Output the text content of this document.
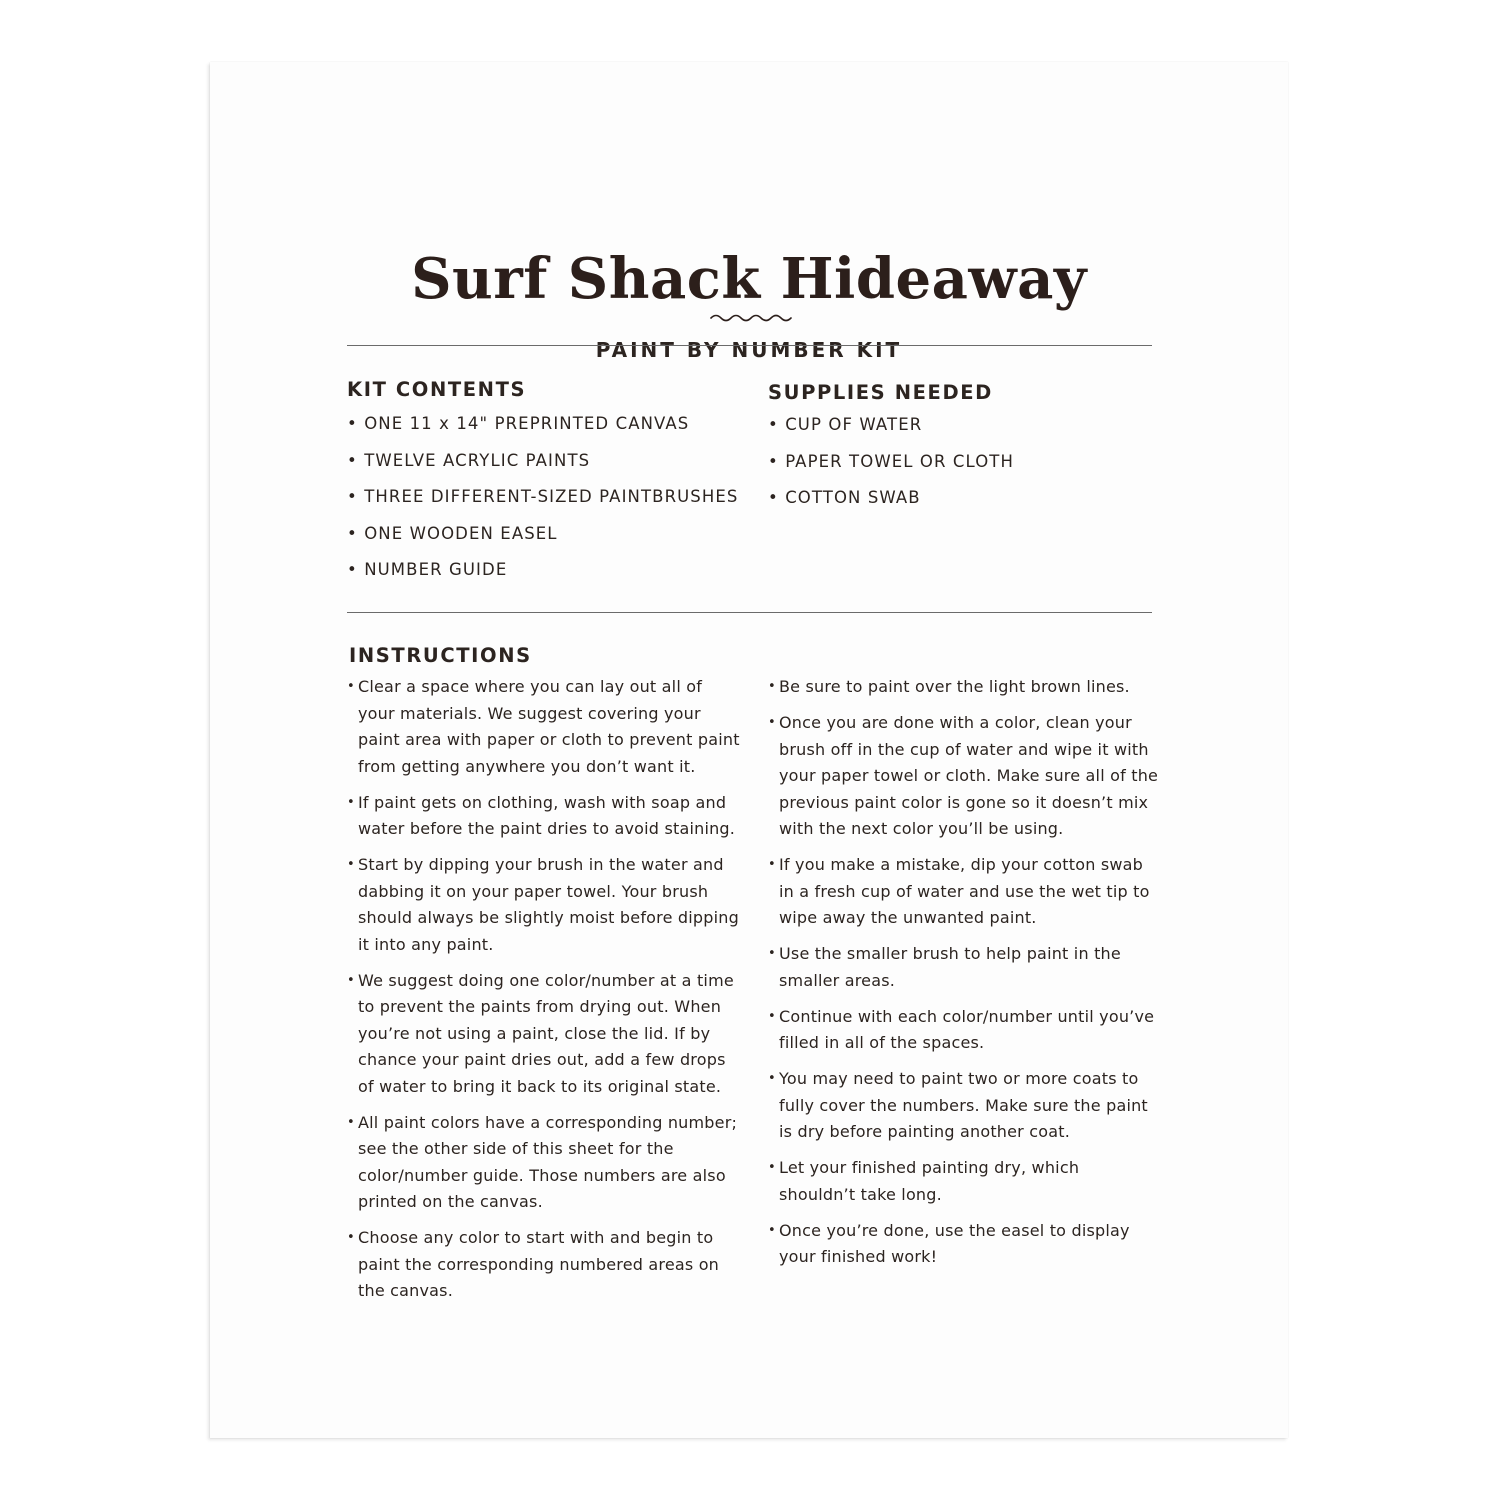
Surf Shack Hideaway

PAINT BY NUMBER KIT

KIT CONTENTS
• ONE 11 x 14" PREPRINTED CANVAS
• TWELVE ACRYLIC PAINTS
• THREE DIFFERENT-SIZED PAINTBRUSHES
• ONE WOODEN EASEL
• NUMBER GUIDE
SUPPLIES NEEDED
• CUP OF WATER
• PAPER TOWEL OR CLOTH
• COTTON SWAB
INSTRUCTIONS
• Clear a space where you can lay out all of your materials. We suggest covering your paint area with paper or cloth to prevent paint from getting anywhere you don’t want it.
• If paint gets on clothing, wash with soap and water before the paint dries to avoid staining.
• Start by dipping your brush in the water and dabbing it on your paper towel. Your brush should always be slightly moist before dipping it into any paint.
• We suggest doing one color/number at a time to prevent the paints from drying out. When you’re not using a paint, close the lid. If by chance your paint dries out, add a few drops of water to bring it back to its original state.
• All paint colors have a corresponding number; see the other side of this sheet for the color/number guide. Those numbers are also printed on the canvas.
• Choose any color to start with and begin to paint the corresponding numbered areas on the canvas.
• Be sure to paint over the light brown lines.
• Once you are done with a color, clean your brush off in the cup of water and wipe it with your paper towel or cloth. Make sure all of the previous paint color is gone so it doesn’t mix with the next color you’ll be using.
• If you make a mistake, dip your cotton swab in a fresh cup of water and use the wet tip to wipe away the unwanted paint.
• Use the smaller brush to help paint in the smaller areas.
• Continue with each color/number until you’ve filled in all of the spaces.
• You may need to paint two or more coats to fully cover the numbers. Make sure the paint is dry before painting another coat.
• Let your finished painting dry, which shouldn’t take long.
• Once you’re done, use the easel to display your finished work!
